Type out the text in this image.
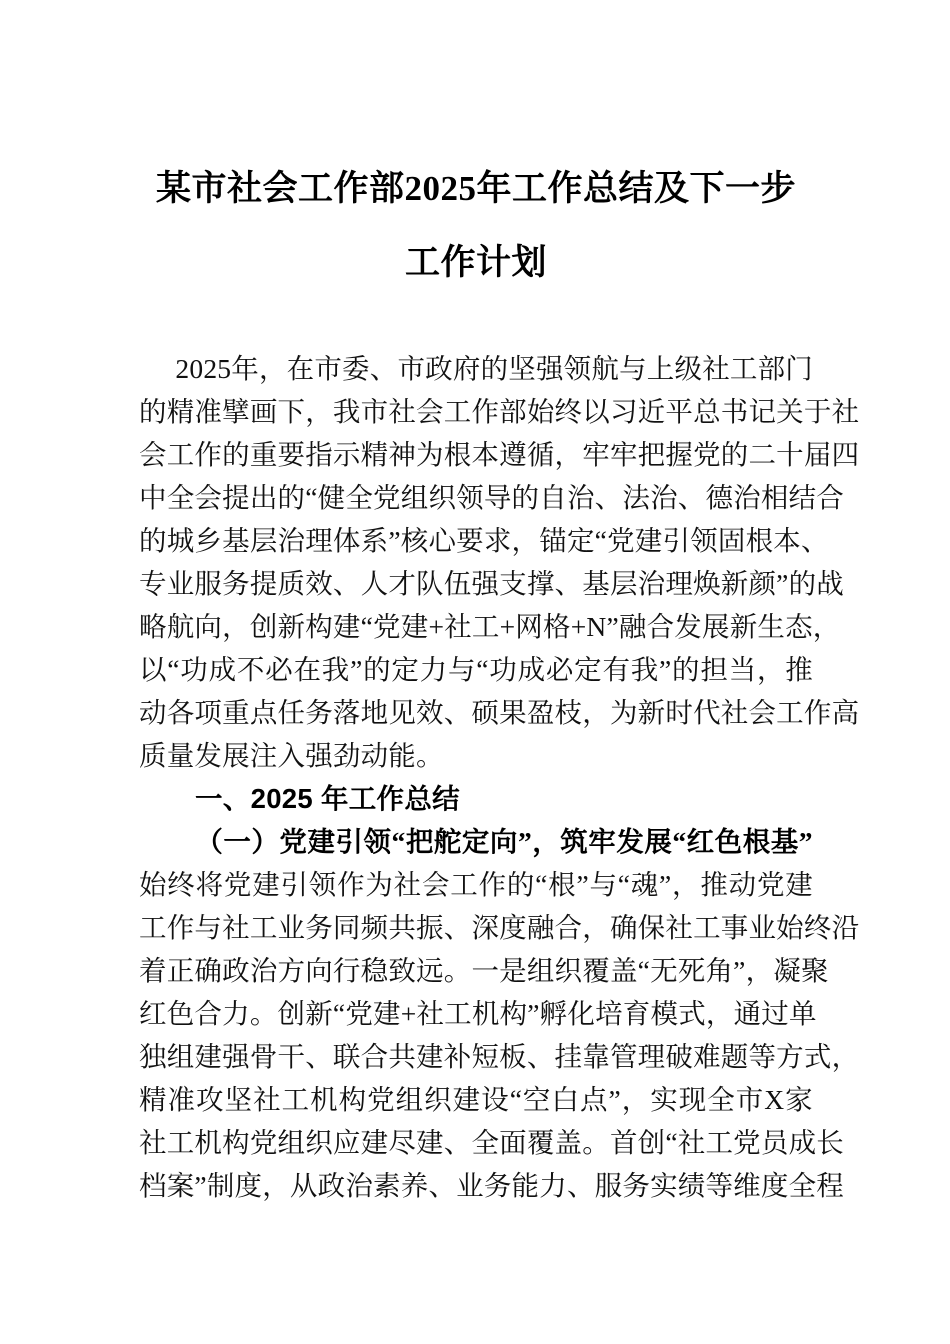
某市社会工作部2025年工作总结及下一步
工作计划

2 0 2 5 年 ， 在 市 委 、 市 政 府 的 坚 强 领 航 与 上 级 社 工 部 门
的 精 准 擘 画 下 ， 我 市 社 会 工 作 部 始 终 以 习 近 平 总 书 记 关 于 社
会 工 作 的 重 要 指 示 精 神 为 根 本 遵 循 ， 牢 牢 把 握 党 的 二 十 届 四
中 全 会 提 出 的 “ 健 全 党 组 织 领 导 的 自 治 、 法 治 、 德 治 相 结 合
的 城 乡 基 层 治 理 体 系 ” 核 心 要 求 ， 锚 定 “ 党 建 引 领 固 根 本 、
专 业 服 务 提 质 效 、 人 才 队 伍 强 支 撑 、 基 层 治 理 焕 新 颜 ” 的 战
略 航 向 ， 创 新 构 建 “ 党 建 + 社 工 + 网 格 + N ” 融 合 发 展 新 生 态 ，
以 “ 功 成 不 必 在 我 ” 的 定 力 与 “ 功 成 必 定 有 我 ” 的 担 当 ， 推
动 各 项 重 点 任 务 落 地 见 效 、 硕 果 盈 枝 ， 为 新 时 代 社 会 工 作 高
质量发展注入强劲动能。

一、2025 年工作总结
（ 一 ） 党 建 引 领 “ 把 舵 定 向 ” ， 筑 牢 发 展 “ 红 色 根 基 ”

始 终 将 党 建 引 领 作 为 社 会 工 作 的 “ 根 ” 与 “ 魂 ” ， 推 动 党 建
工 作 与 社 工 业 务 同 频 共 振 、 深 度 融 合 ， 确 保 社 工 事 业 始 终 沿
着 正 确 政 治 方 向 行 稳 致 远 。 一 是 组 织 覆 盖 “ 无 死 角 ” ， 凝 聚
红 色 合 力 。 创 新 “ 党 建 + 社 工 机 构 ” 孵 化 培 育 模 式 ， 通 过 单
独 组 建 强 骨 干 、 联 合 共 建 补 短 板 、 挂 靠 管 理 破 难 题 等 方 式 ，
精 准 攻 坚 社 工 机 构 党 组 织 建 设 “ 空 白 点 ” ， 实 现 全 市 X 家
社 工 机 构 党 组 织 应 建 尽 建 、 全 面 覆 盖 。 首 创 “ 社 工 党 员 成 长
档 案 ” 制 度 ， 从 政 治 素 养 、 业 务 能 力 、 服 务 实 绩 等 维 度 全 程
